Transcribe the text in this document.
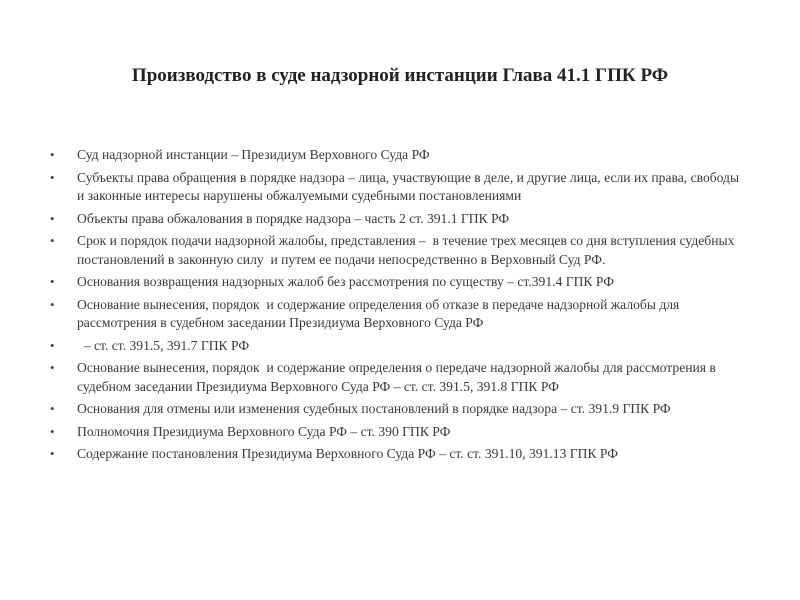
Производство в суде надзорной инстанции Глава 41.1 ГПК РФ
• Суд надзорной инстанции – Президиум Верховного Суда РФ
• Субъекты права обращения в порядке надзора – лица, участвующие в деле, и другие лица, если их права, свободы и законные интересы нарушены обжалуемыми судебными постановлениями
• Объекты права обжалования в порядке надзора – часть 2 ст. 391.1 ГПК РФ
• Срок и порядок подачи надзорной жалобы, представления –  в течение трех месяцев со дня вступления судебных постановлений в законную силу  и путем ее подачи непосредственно в Верховный Суд РФ.
• Основания возвращения надзорных жалоб без рассмотрения по существу – ст.391.4 ГПК РФ
• Основание вынесения, порядок  и содержание определения об отказе в передаче надзорной жалобы для рассмотрения в судебном заседании Президиума Верховного Суда РФ
• – ст. ст. 391.5, 391.7 ГПК РФ
• Основание вынесения, порядок  и содержание определения о передаче надзорной жалобы для рассмотрения в судебном заседании Президиума Верховного Суда РФ – ст. ст. 391.5, 391.8 ГПК РФ
• Основания для отмены или изменения судебных постановлений в порядке надзора – ст. 391.9 ГПК РФ
• Полномочия Президиума Верховного Суда РФ – ст. 390 ГПК РФ
• Содержание постановления Президиума Верховного Суда РФ – ст. ст. 391.10, 391.13 ГПК РФ
